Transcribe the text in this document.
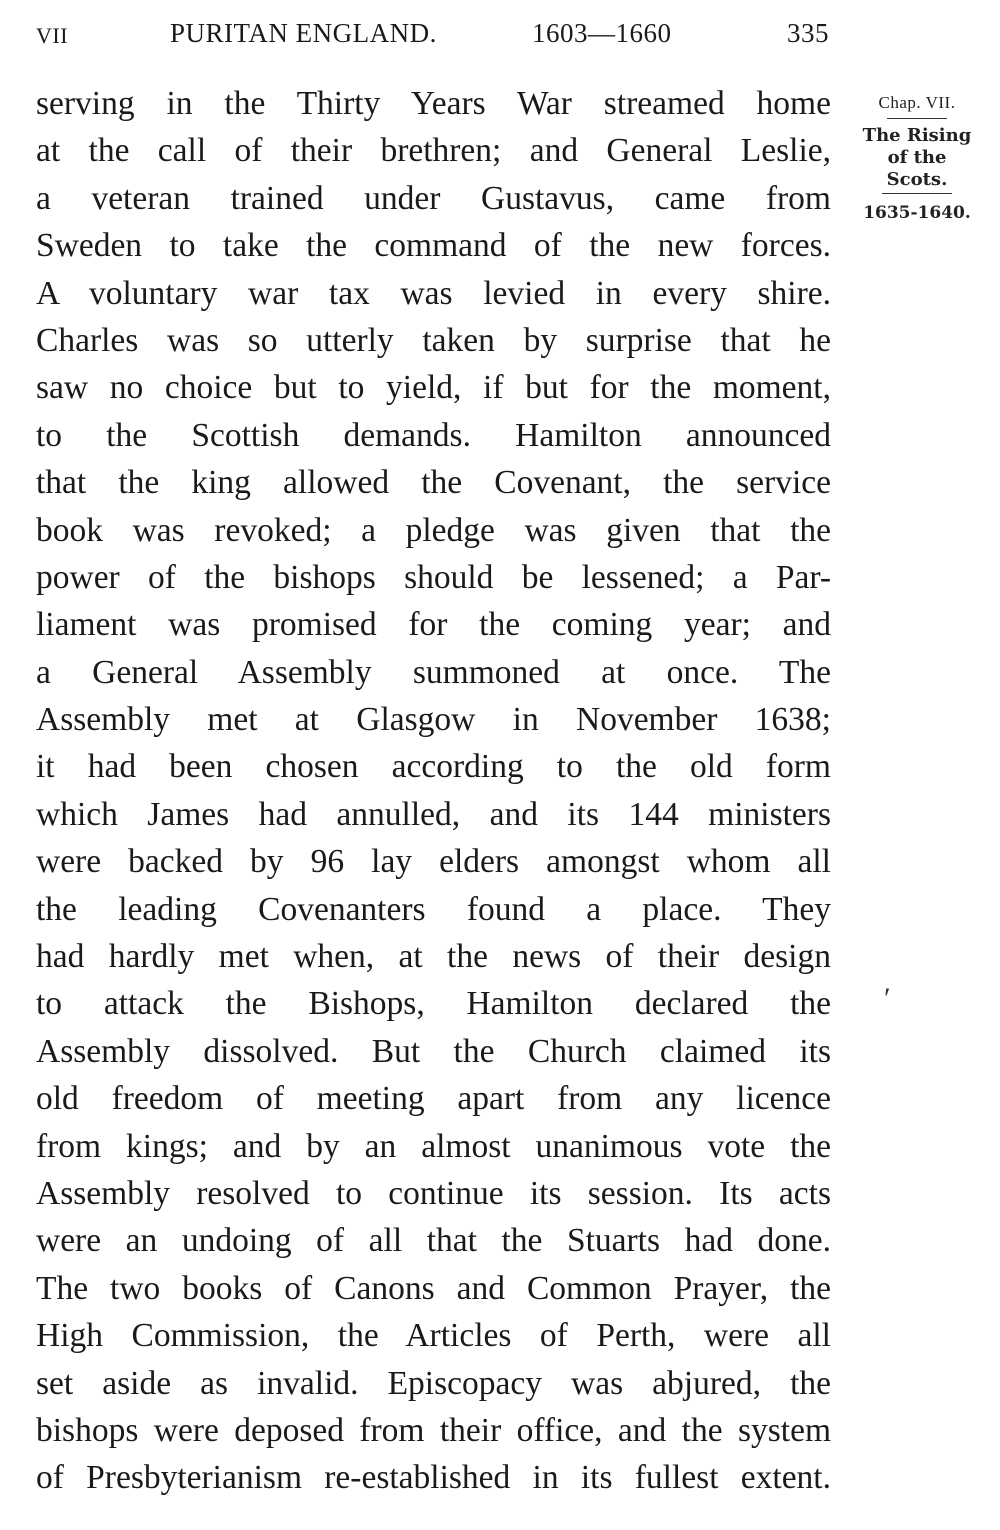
VII	PURITAN ENGLAND.	1603—1660	335
serving in the Thirty Years War streamed home
at the call of their brethren; and General Leslie,
a veteran trained under Gustavus, came from
Sweden to take the command of the new forces.
A voluntary war tax was levied in every shire.
Charles was so utterly taken by surprise that he
saw no choice but to yield, if but for the moment,
to the Scottish demands. Hamilton announced
that the king allowed the Covenant, the service
book was revoked; a pledge was given that the
power of the bishops should be lessened; a Par-
liament was promised for the coming year; and
a General Assembly summoned at once. The
Assembly met at Glasgow in November 1638;
it had been chosen according to the old form
which James had annulled, and its 144 ministers
were backed by 96 lay elders amongst whom all
the leading Covenanters found a place. They
had hardly met when, at the news of their design
to attack the Bishops, Hamilton declared the
Assembly dissolved. But the Church claimed its
old freedom of meeting apart from any licence
from kings; and by an almost unanimous vote the
Assembly resolved to continue its session. Its acts
were an undoing of all that the Stuarts had done.
The two books of Canons and Common Prayer, the
High Commission, the Articles of Perth, were all
set aside as invalid. Episcopacy was abjured, the
bishops were deposed from their office, and the system
of Presbyterianism re-established in its fullest extent.
Chap. VII.
The Rising
of the
Scots.
1635-1640.
′
